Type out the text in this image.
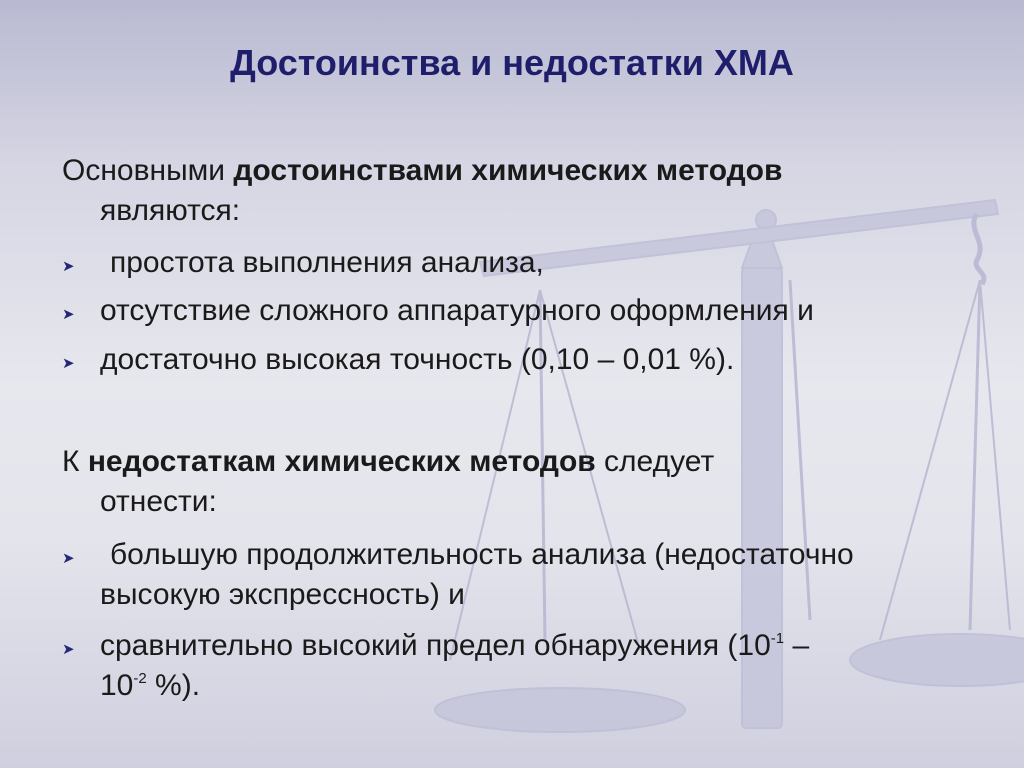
Достоинства и недостатки ХМА
Основными достоинствами химических методов
являются:
➤	простота выполнения анализа,
➤ отсутствие сложного аппаратурного оформления и
➤ достаточно высокая точность (0,10 – 0,01 %).
К недостаткам химических методов следует
отнести:
➤	большую продолжительность анализа (недостаточно
высокую экспрессность) и
➤ сравнительно высокий предел обнаружения ($10^{-1}$ –
$10^{-2}$ %).
